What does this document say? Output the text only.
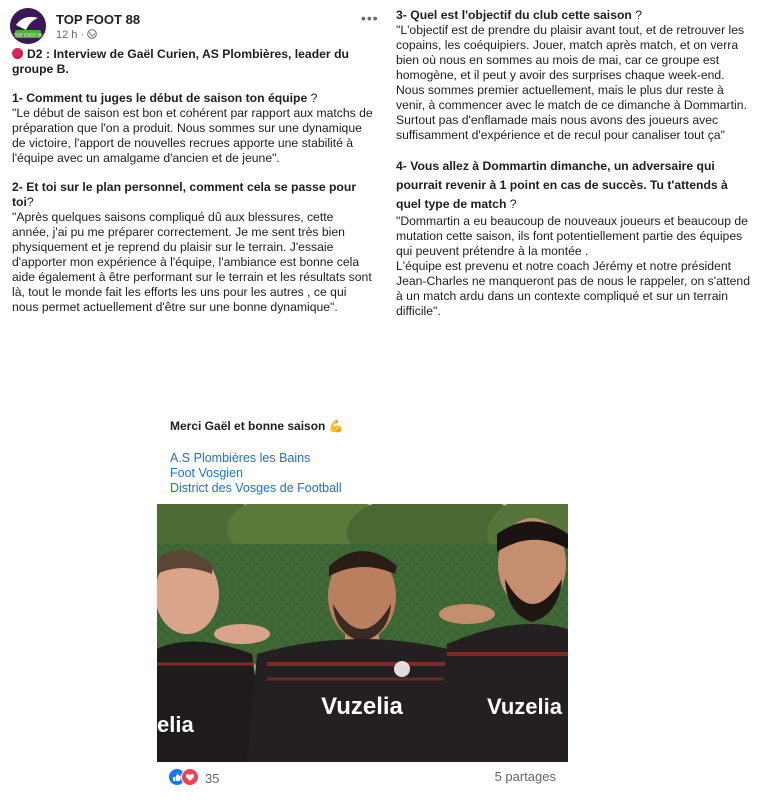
TOP FOOT 88
TOP FOOT 88
12 h ·
•••

D2 : Interview de Gaël Curien, AS Plombières, leader du groupe B.

1- Comment tu juges le début de saison ton équipe ?

"Le début de saison est bon et cohérent par rapport aux matchs de préparation que l'on a produit. Nous sommes sur une dynamique de victoire, l'apport de nouvelles recrues apporte une stabilité à l'équipe avec un amalgame d'ancien et de jeune".

2- Et toi sur le plan personnel, comment cela se passe pour toi?

"Après quelques saisons compliqué dû aux blessures, cette année, j'ai pu me préparer correctement. Je me sent très bien physiquement et je reprend du plaisir sur le terrain. J'essaie d'apporter mon expérience à l'équipe, l'ambiance est bonne cela aide également à être performant sur le terrain et les résultats sont là, tout le monde fait les efforts les uns pour les autres , ce qui nous permet actuellement d'être sur une bonne dynamique".

3- Quel est l'objectif du club cette saison ?

"L'objectif est de prendre du plaisir avant tout, et de retrouver les copains, les coéquipiers. Jouer, match après match, et on verra bien où nous en sommes au mois de mai, car ce groupe est homogène, et il peut y avoir des surprises chaque week-end. Nous sommes premier actuellement, mais le plus dur reste à venir, à commencer avec le match de ce dimanche à Dommartin. Surtout pas d'enflamade mais nous avons des joueurs avec suffisamment d'expérience et de recul pour canaliser tout ça"

4- Vous allez à Dommartin dimanche, un adversaire qui pourrait revenir à 1 point en cas de succès. Tu t'attends à quel type de match ?

"Dommartin a eu beaucoup de nouveaux joueurs et beaucoup de mutation cette saison, ils font potentiellement partie des équipes qui peuvent prétendre à la montée .

L'équipe est prevenu et notre coach Jérémy et notre président Jean-Charles ne manqueront pas de nous le rappeler, on s'attend à un match ardu dans un contexte compliqué et sur un terrain difficile".

Merci Gaël et bonne saison 💪
A.S Plombières les Bains
Foot Vosgien
District des Vosges de Football
Vuzelia	Vuzelia
elia
35	5 partages
